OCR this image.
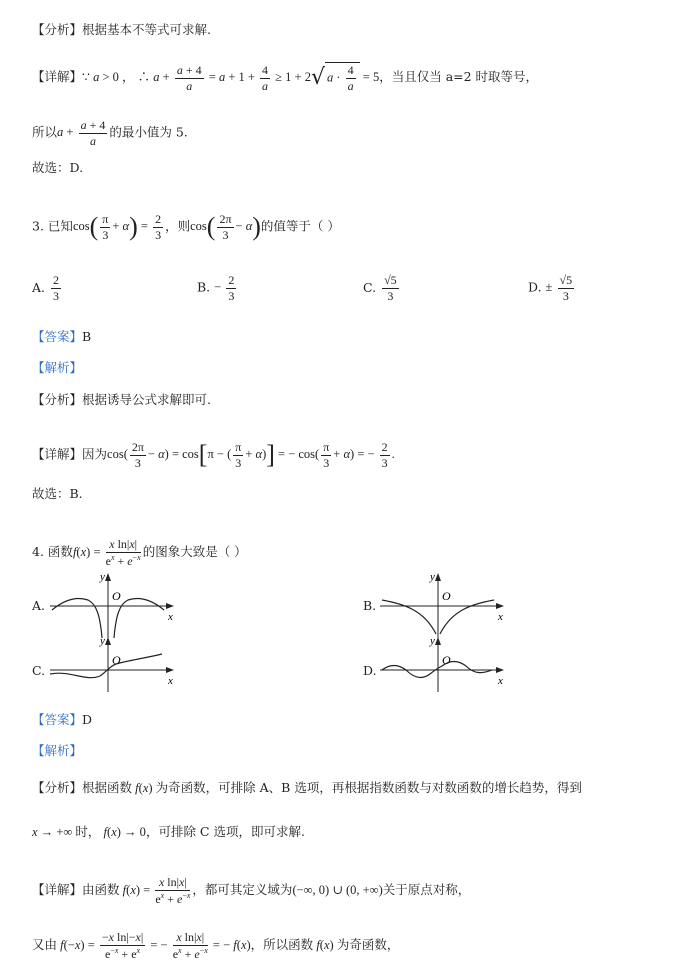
【分析】根据基本不等式可求解.
【详解】∵ a > 0 ， ∴ $a + \frac{a + 4}{a} = a + 1 + \frac{4}{a} \ge 1 + 2√$ $a \cdot \frac{4}{a} = 5$，当且仅当 a=2 时取等号，
所以$a + \frac{a + 4}{a}$ 的最小值为 5.
故选：D.
3. 已知$\cos( \frac{\pi}{3} + \alpha) = \frac{2}{3}$ ，则$\cos( \frac{2\pi}{3} - \alpha)$的值等于（ ）
A. $\frac{2}{3}$	B. − $\frac{2}{3}$	C. $\frac{√5}{3}$	D. ± $\frac{√5}{3}$
【答案】B
【解析】
【分析】根据诱导公式求解即可.
【详解】因为$\cos( \frac{2\pi}{3} - \alpha) = \cos[\pi$ − ( $\frac{\pi}{3} + \alpha$)] = − $\cos( \frac{\pi}{3} + \alpha)$ = − $\frac{2}{3}$ .
故选：B.
4. 函数$f(x) = \frac{\text{x ln|x|}}{e^x + e^{-x}}$ 的图象大致是（ ）
A.	B.
C.	D.
y
x
O
y
x
O
y
x
O
y
x
O
【答案】D
【解析】
【分析】根据函数 f(x) 为奇函数，可排除 A、B 选项，再根据指数函数与对数函数的增长趋势，得到
x → +∞ 时， f(x) → 0，可排除 C 选项，即可求解.
【详解】由函数 $f(x) = \frac{\text{x ln|x|}}{e^x + e^{-x}}$ ，都可其定义域为(−∞, 0) ∪ (0, +∞)关于原点对称，
又由 $f(-x) = \frac{\text{−x ln|−x|}}{e^{-x} + e^x}$ = − $\frac{\text{x ln|x|}}{e^x + e^{-x}}$ = − f(x)，所以函数 f(x) 为奇函数，
